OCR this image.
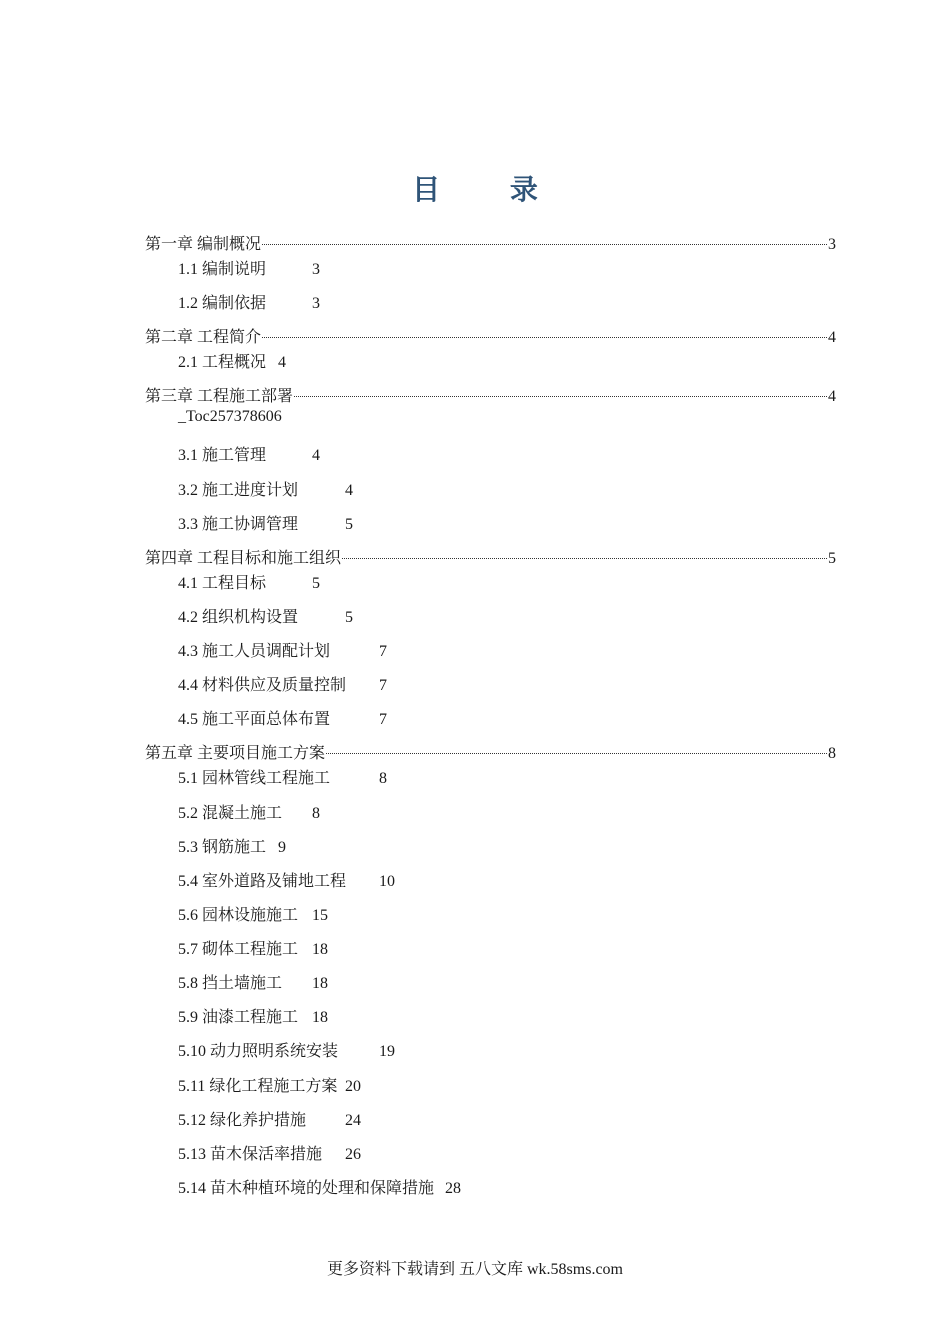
目 录
第一章 编制概况	3
1.1 编制说明	3
1.2 编制依据	3
第二章 工程简介	4
2.1 工程概况 4
第三章 工程施工部署	4
_Toc257378606
3.1 施工管理	4
3.2 施工进度计划	4
3.3 施工协调管理	5
第四章 工程目标和施工组织	5
4.1 工程目标	5
4.2 组织机构设置	5
4.3 施工人员调配计划	7
4.4 材料供应及质量控制 7
4.5 施工平面总体布置	7
第五章 主要项目施工方案	8
5.1 园林管线工程施工	8
5.2 混凝土施工 8
5.3 钢筋施工 9
5.4 室外道路及铺地工程 10
5.6 园林设施施工 15
5.7 砌体工程施工 18
5.8 挡土墙施工 18
5.9 油漆工程施工 18
5.10 动力照明系统安装	19
5.11 绿化工程施工方案 20
5.12 绿化养护措施 24
5.13 苗木保活率措施 26
5.14 苗木种植环境的处理和保障措施 28
更多资料下载请到 五八文库 wk.58sms.com
